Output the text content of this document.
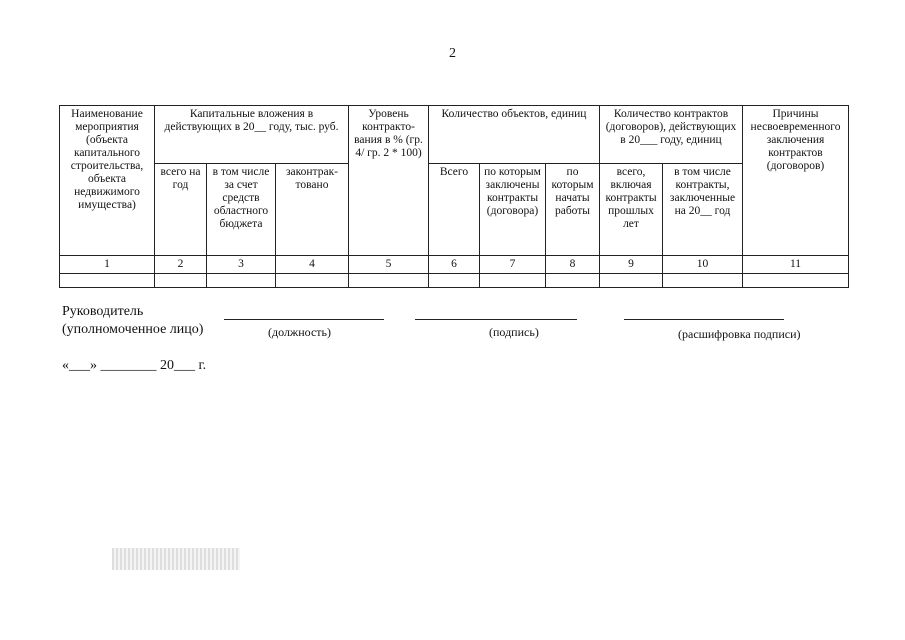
2
Наименование мероприятия (объекта капитального строительства, объекта недвижимого имущества)	Капитальные вложения в действующих в 20__ году, тыс. руб.			Уровень контракто-вания в % (гр. 4/ гр. 2 * 100)	Количество объектов, единиц			Количество контрактов (договоров), действующих в 20___ году, единиц		Причины несвоевременного заключения контрактов (договоров)
	всего на год	в том числе за счет средств областного бюджета	законтрак-товано		Всего	по которым заключены контракты (договора)	по которым начаты работы	всего, включая контракты прошлых лет	в том числе контракты, заключенные на 20__ год	
1	2	3	4	5	6	7	8	9	10	11

Руководитель
(уполномоченное лицо)	(должность)	(подпись)	(расшифровка подписи)
«___» ________ 20___ г.
